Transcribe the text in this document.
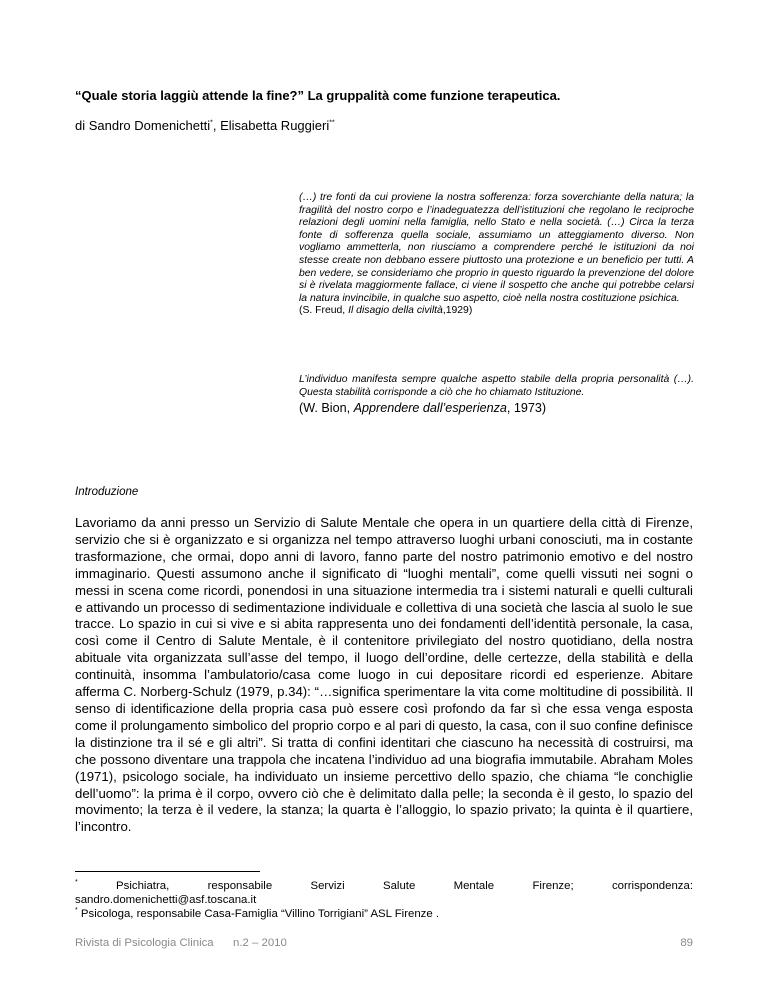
“Quale storia laggiù attende la fine?” La gruppalità come funzione terapeutica.

di Sandro Domenichetti*, Elisabetta Ruggieri**

(…) tre fonti da cui proviene la nostra sofferenza: forza soverchiante della natura; la fragilità del nostro corpo e l’inadeguatezza dell’istituzioni che regolano le reciproche relazioni degli uomini nella famiglia, nello Stato e nella società. (…) Circa la terza fonte di sofferenza quella sociale, assumiamo un atteggiamento diverso. Non vogliamo ammetterla, non riusciamo a comprendere perché le istituzioni da noi stesse create non debbano essere piuttosto una protezione e un beneficio per tutti. A ben vedere, se consideriamo che proprio in questo riguardo la prevenzione del dolore si è rivelata maggiormente fallace, ci viene il sospetto che anche qui potrebbe celarsi la natura invincibile, in qualche suo aspetto, cioè nella nostra costituzione psichica.
(S. Freud, Il disagio della civiltà,1929)
L’individuo manifesta sempre qualche aspetto stabile della propria personalità (…). Questa stabilità corrisponde a ciò che ho chiamato Istituzione.
(W. Bion, Apprendere dall’esperienza, 1973)

Introduzione

Lavoriamo da anni presso un Servizio di Salute Mentale che opera in un quartiere della città di Firenze, servizio che si è organizzato e si organizza nel tempo attraverso luoghi urbani conosciuti, ma in costante trasformazione, che ormai, dopo anni di lavoro, fanno parte del nostro patrimonio emotivo e del nostro immaginario. Questi assumono anche il significato di “luoghi mentali”, come quelli vissuti nei sogni o messi in scena come ricordi, ponendosi in una situazione intermedia tra i sistemi naturali e quelli culturali e attivando un processo di sedimentazione individuale e collettiva di una società che lascia al suolo le sue tracce. Lo spazio in cui si vive e si abita rappresenta uno dei fondamenti dell’identità personale, la casa, così come il Centro di Salute Mentale, è il contenitore privilegiato del nostro quotidiano, della nostra abituale vita organizzata sull’asse del tempo, il luogo dell’ordine, delle certezze, della stabilità e della continuità, insomma l’ambulatorio/casa come luogo in cui depositare ricordi ed esperienze. Abitare afferma C. Norberg-Schulz (1979, p.34): “…significa sperimentare la vita come moltitudine di possibilità. Il senso di identificazione della propria casa può essere così profondo da far sì che essa venga esposta come il prolungamento simbolico del proprio corpo e al pari di questo, la casa, con il suo confine definisce la distinzione tra il sé e gli altri”. Si tratta di confini identitari che ciascuno ha necessità di costruirsi, ma che possono diventare una trappola che incatena l’individuo ad una biografia immutabile. Abraham Moles (1971), psicologo sociale, ha individuato un insieme percettivo dello spazio, che chiama “le conchiglie dell’uomo”: la prima è il corpo, ovvero ciò che è delimitato dalla pelle; la seconda è il gesto, lo spazio del movimento; la terza è il vedere, la stanza; la quarta è l’alloggio, lo spazio privato; la quinta è il quartiere, l’incontro.

* Psichiatra, responsabile Servizi Salute Mentale Firenze; corrispondenza:

sandro.domenichetti@asf.toscana.it

* Psicologa, responsabile Casa-Famiglia “Villino Torrigiani” ASL Firenze .

Rivista di Psicologia Clinica n.2 – 2010	89
